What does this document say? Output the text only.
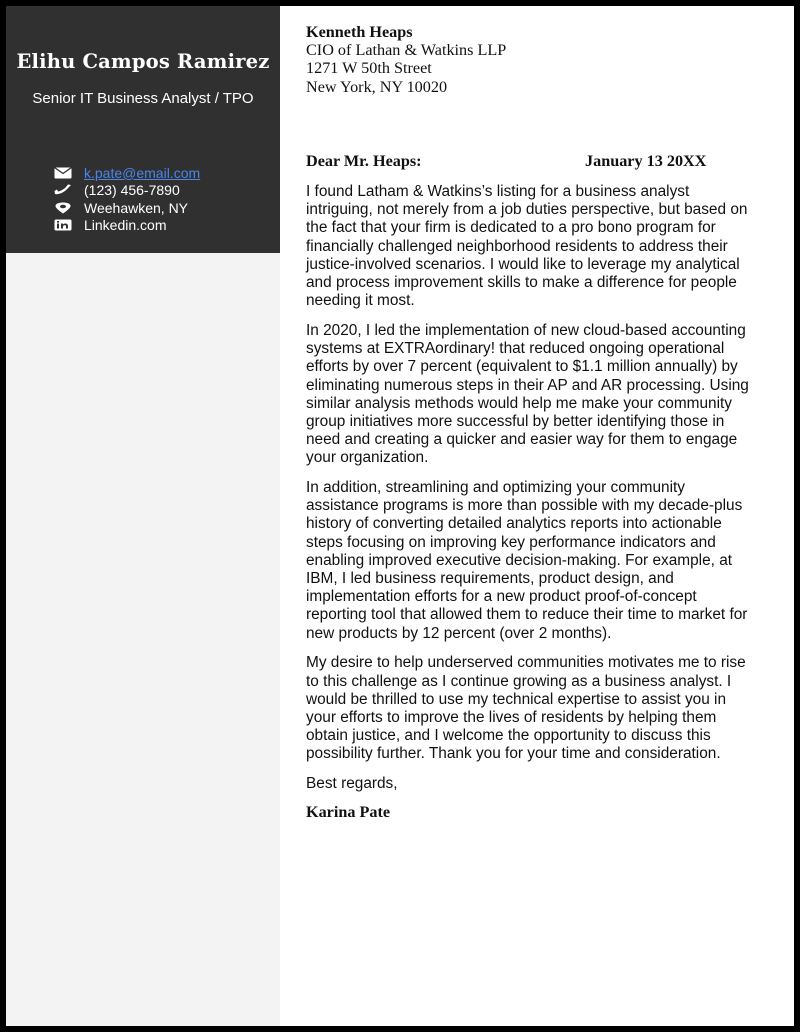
Elihu Campos Ramirez
Senior IT Business Analyst / TPO
k.pate@email.com
(123) 456-7890
Weehawken, NY
Linkedin.com
Kenneth Heaps
CIO of Lathan & Watkins LLP
1271 W 50th Street
New York, NY 10020
Dear Mr. Heaps:	January 13 20XX

I found Latham & Watkins’s listing for a business analyst intriguing, not merely from a job duties perspective, but based on the fact that your firm is dedicated to a pro bono program for financially challenged neighborhood residents to address their justice-involved scenarios. I would like to leverage my analytical and process improvement skills to make a difference for people needing it most.

In 2020, I led the implementation of new cloud-based accounting systems at EXTRAordinary! that reduced ongoing operational efforts by over 7 percent (equivalent to $1.1 million annually) by eliminating numerous steps in their AP and AR processing. Using similar analysis methods would help me make your community group initiatives more successful by better identifying those in need and creating a quicker and easier way for them to engage your organization.

In addition, streamlining and optimizing your community assistance programs is more than possible with my decade-plus history of converting detailed analytics reports into actionable steps focusing on improving key performance indicators and enabling improved executive decision-making. For example, at IBM, I led business requirements, product design, and implementation efforts for a new product proof-of-concept reporting tool that allowed them to reduce their time to market for new products by 12 percent (over 2 months).

My desire to help underserved communities motivates me to rise to this challenge as I continue growing as a business analyst. I would be thrilled to use my technical expertise to assist you in your efforts to improve the lives of residents by helping them obtain justice, and I welcome the opportunity to discuss this possibility further. Thank you for your time and consideration.

Best regards,
Karina Pate
